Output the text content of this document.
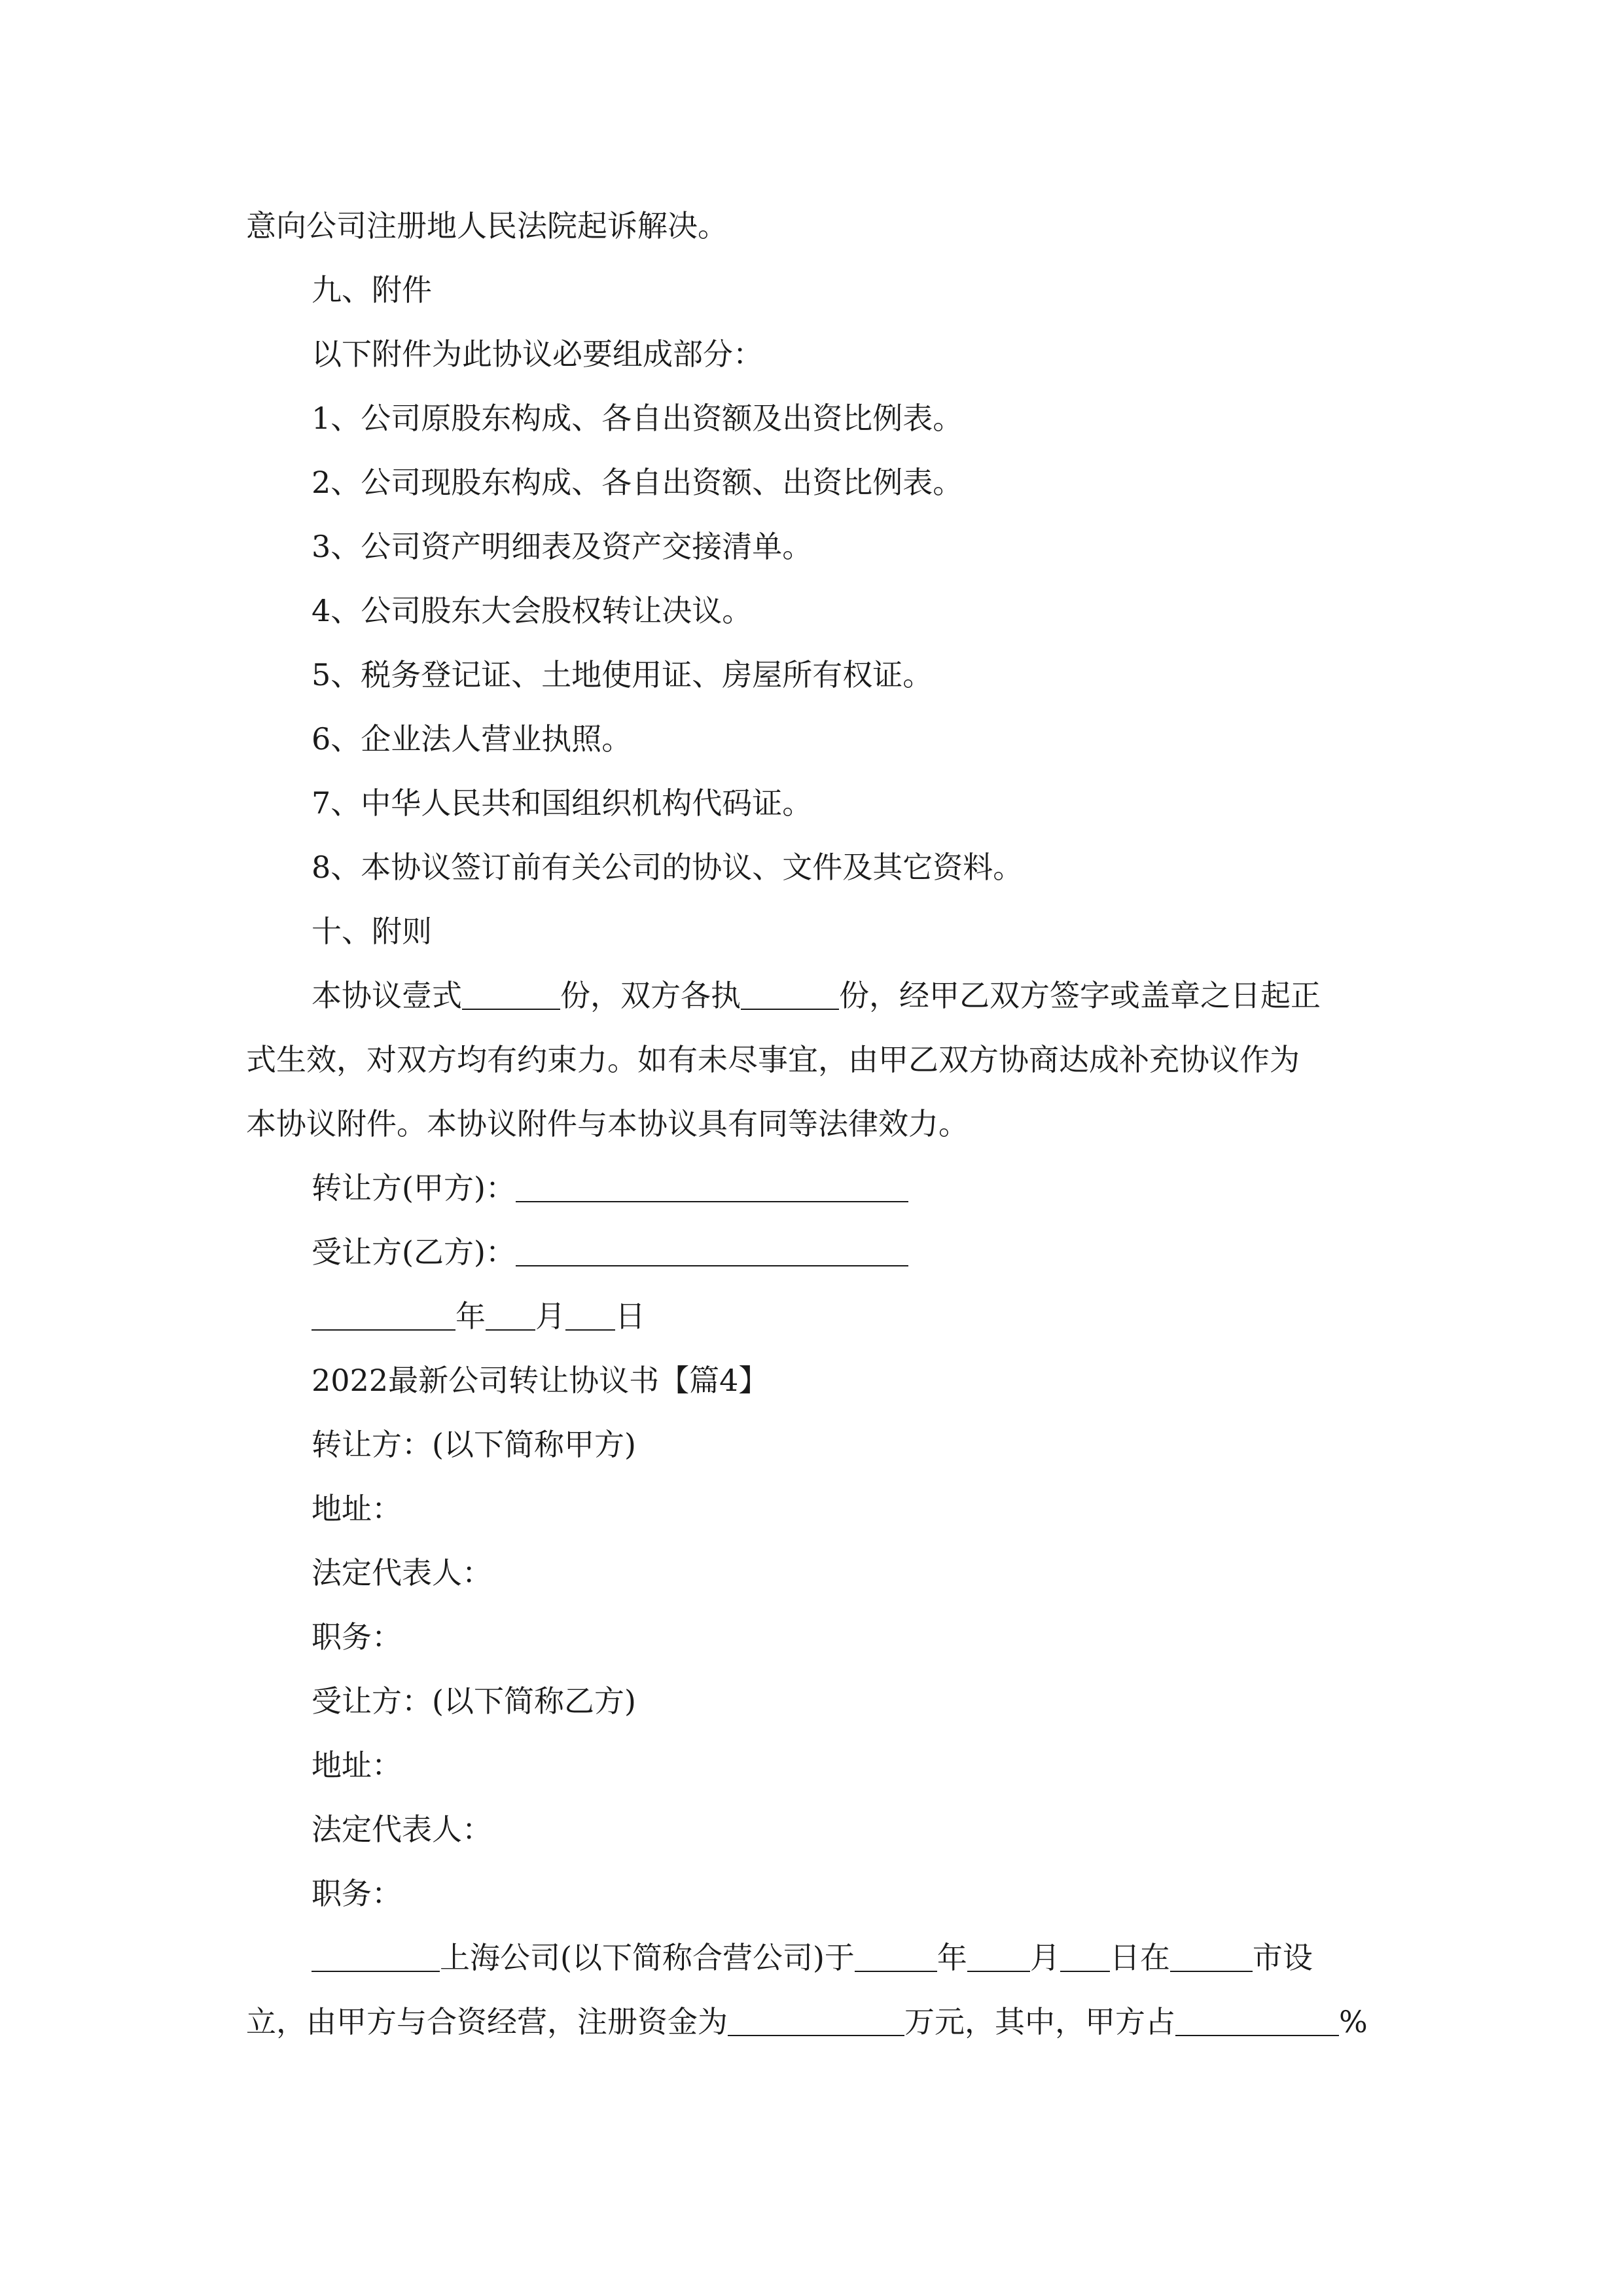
意向公司注册地人民法院起诉解决。
九、附件
以下附件为此协议必要组成部分：
1、公司原股东构成、各自出资额及出资比例表。
2、公司现股东构成、各自出资额、出资比例表。
3、公司资产明细表及资产交接清单。
4、公司股东大会股权转让决议。
5、税务登记证、土地使用证、房屋所有权证。
6、企业法人营业执照。
7、中华人民共和国组织机构代码证。
8、本协议签订前有关公司的协议、文件及其它资料。
十、附则
本协议壹式	份，双方各执	份，经甲乙双方签字或盖章之日起正
式生效，对双方均有约束力。如有未尽事宜，由甲乙双方协商达成补充协议作为
本协议附件。本协议附件与本协议具有同等法律效力。
转让方(甲方)：
受让方(乙方)：
年 月 日
2022最新公司转让协议书【篇4】
转让方：(以下简称甲方)
地址：
法定代表人：
职务：
受让方：(以下简称乙方)
地址：
法定代表人：
职务：
上海公司(以下简称合营公司)于	年 月 日在	市设
立，由甲方与合资经营，注册资金为	万元，其中，甲方占	%
